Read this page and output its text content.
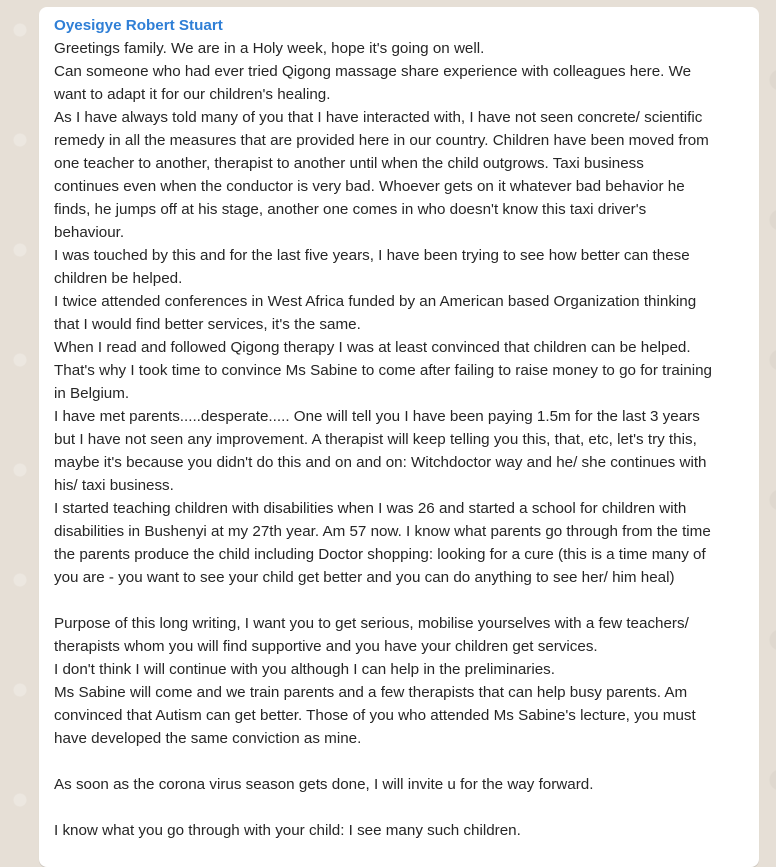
Oyesigye Robert Stuart
Greetings family. We are in a Holy week, hope it's going on well.
Can someone who had ever tried Qigong massage share experience with colleagues here. We
want to adapt it for our children's healing.
As I have always told many of you that I have interacted with, I have not seen concrete/ scientific
remedy in all the measures that are provided here in our country. Children have been moved from
one teacher to another, therapist to another until when the child outgrows. Taxi business
continues even when the conductor is very bad. Whoever gets on it whatever bad behavior he
finds, he jumps off at his stage, another one comes in who doesn't know this taxi driver's
behaviour.
I was touched by this and for the last five years, I have been trying to see how better can these
children be helped.
I twice attended conferences in West Africa funded by an American based Organization thinking
that I would find better services, it's the same.
When I read and followed Qigong therapy I was at least convinced that children can be helped.
That's why I took time to convince Ms Sabine to come after failing to raise money to go for training
in Belgium.
I have met parents.....desperate..... One will tell you I have been paying 1.5m for the last 3 years
but I have not seen any improvement. A therapist will keep telling you this, that, etc, let's try this,
maybe it's because you didn't do this and on and on: Witchdoctor way and he/ she continues with
his/ taxi business.
I started teaching children with disabilities when I was 26 and started a school for children with
disabilities in Bushenyi at my 27th year. Am 57 now. I know what parents go through from the time
the parents produce the child including Doctor shopping: looking for a cure (this is a time many of
you are - you want to see your child get better and you can do anything to see her/ him heal)
Purpose of this long writing, I want you to get serious, mobilise yourselves with a few teachers/
therapists whom you will find supportive and you have your children get services.
I don't think I will continue with you although I can help in the preliminaries.
Ms Sabine will come and we train parents and a few therapists that can help busy parents. Am
convinced that Autism can get better. Those of you who attended Ms Sabine's lecture, you must
have developed the same conviction as mine.
As soon as the corona virus season gets done, I will invite u for the way forward.
I know what you go through with your child: I see many such children.
